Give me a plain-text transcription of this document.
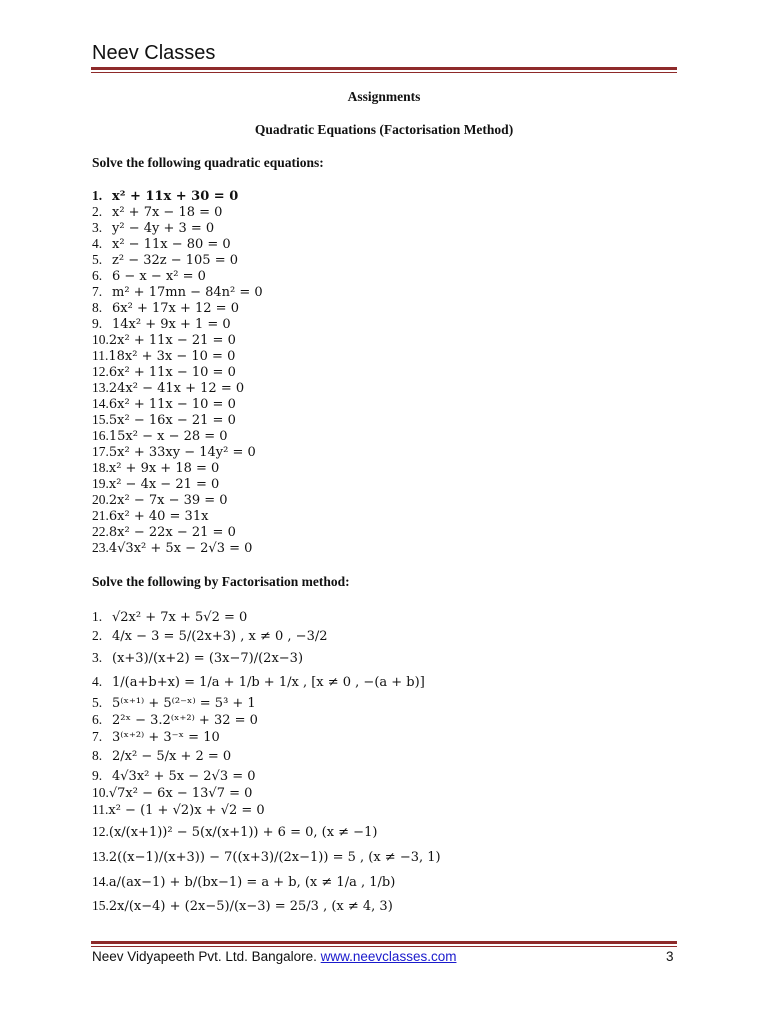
Neev Classes
Assignments
Quadratic Equations (Factorisation Method)
Solve the following quadratic equations:
1. x² + 11x + 30 = 0
2. x² + 7x − 18 = 0
3. y² − 4y + 3 = 0
4. x² − 11x − 80 = 0
5. z² − 32z − 105 = 0
6. 6 − x − x² = 0
7. m² + 17mn − 84n² = 0
8. 6x² + 17x + 12 = 0
9. 14x² + 9x + 1 = 0
10.2x² + 11x − 21 = 0
11.18x² + 3x − 10 = 0
12.6x² + 11x − 10 = 0
13.24x² − 41x + 12 = 0
14.6x² + 11x − 10 = 0
15.5x² − 16x − 21 = 0
16.15x² − x − 28 = 0
17.5x² + 33xy − 14y² = 0
18.x² + 9x + 18 = 0
19.x² − 4x − 21 = 0
20.2x² − 7x − 39 = 0
21.6x² + 40 = 31x
22.8x² − 22x − 21 = 0
23.4√3x² + 5x − 2√3 = 0
Solve the following by Factorisation method:
1. √2x² + 7x + 5√2 = 0
2. 4/x − 3 = 5/(2x+3) , x ≠ 0 , −3/2
3. (x+3)/(x+2) = (3x−7)/(2x−3)
4. 1/(a+b+x) = 1/a + 1/b + 1/x , [x ≠ 0 , −(a + b)]
5. 5⁽ˣ⁺¹⁾ + 5⁽²⁻ˣ⁾ = 5³ + 1
6. 2²ˣ − 3.2⁽ˣ⁺²⁾ + 32 = 0
7. 3⁽ˣ⁺²⁾ + 3⁻ˣ = 10
8. 2/x² − 5/x + 2 = 0
9. 4√3x² + 5x − 2√3 = 0
10.√7x² − 6x − 13√7 = 0
11.x² − (1 + √2)x + √2 = 0
12.(x/(x+1))² − 5(x/(x+1)) + 6 = 0, (x ≠ −1)
13.2((x−1)/(x+3)) − 7((x+3)/(2x−1)) = 5 , (x ≠ −3, 1)
14.a/(ax−1) + b/(bx−1) = a + b, (x ≠ 1/a , 1/b)
15.2x/(x−4) + (2x−5)/(x−3) = 25/3 , (x ≠ 4, 3)
Neev Vidyapeeth Pvt. Ltd. Bangalore. www.neevclasses.com	3
